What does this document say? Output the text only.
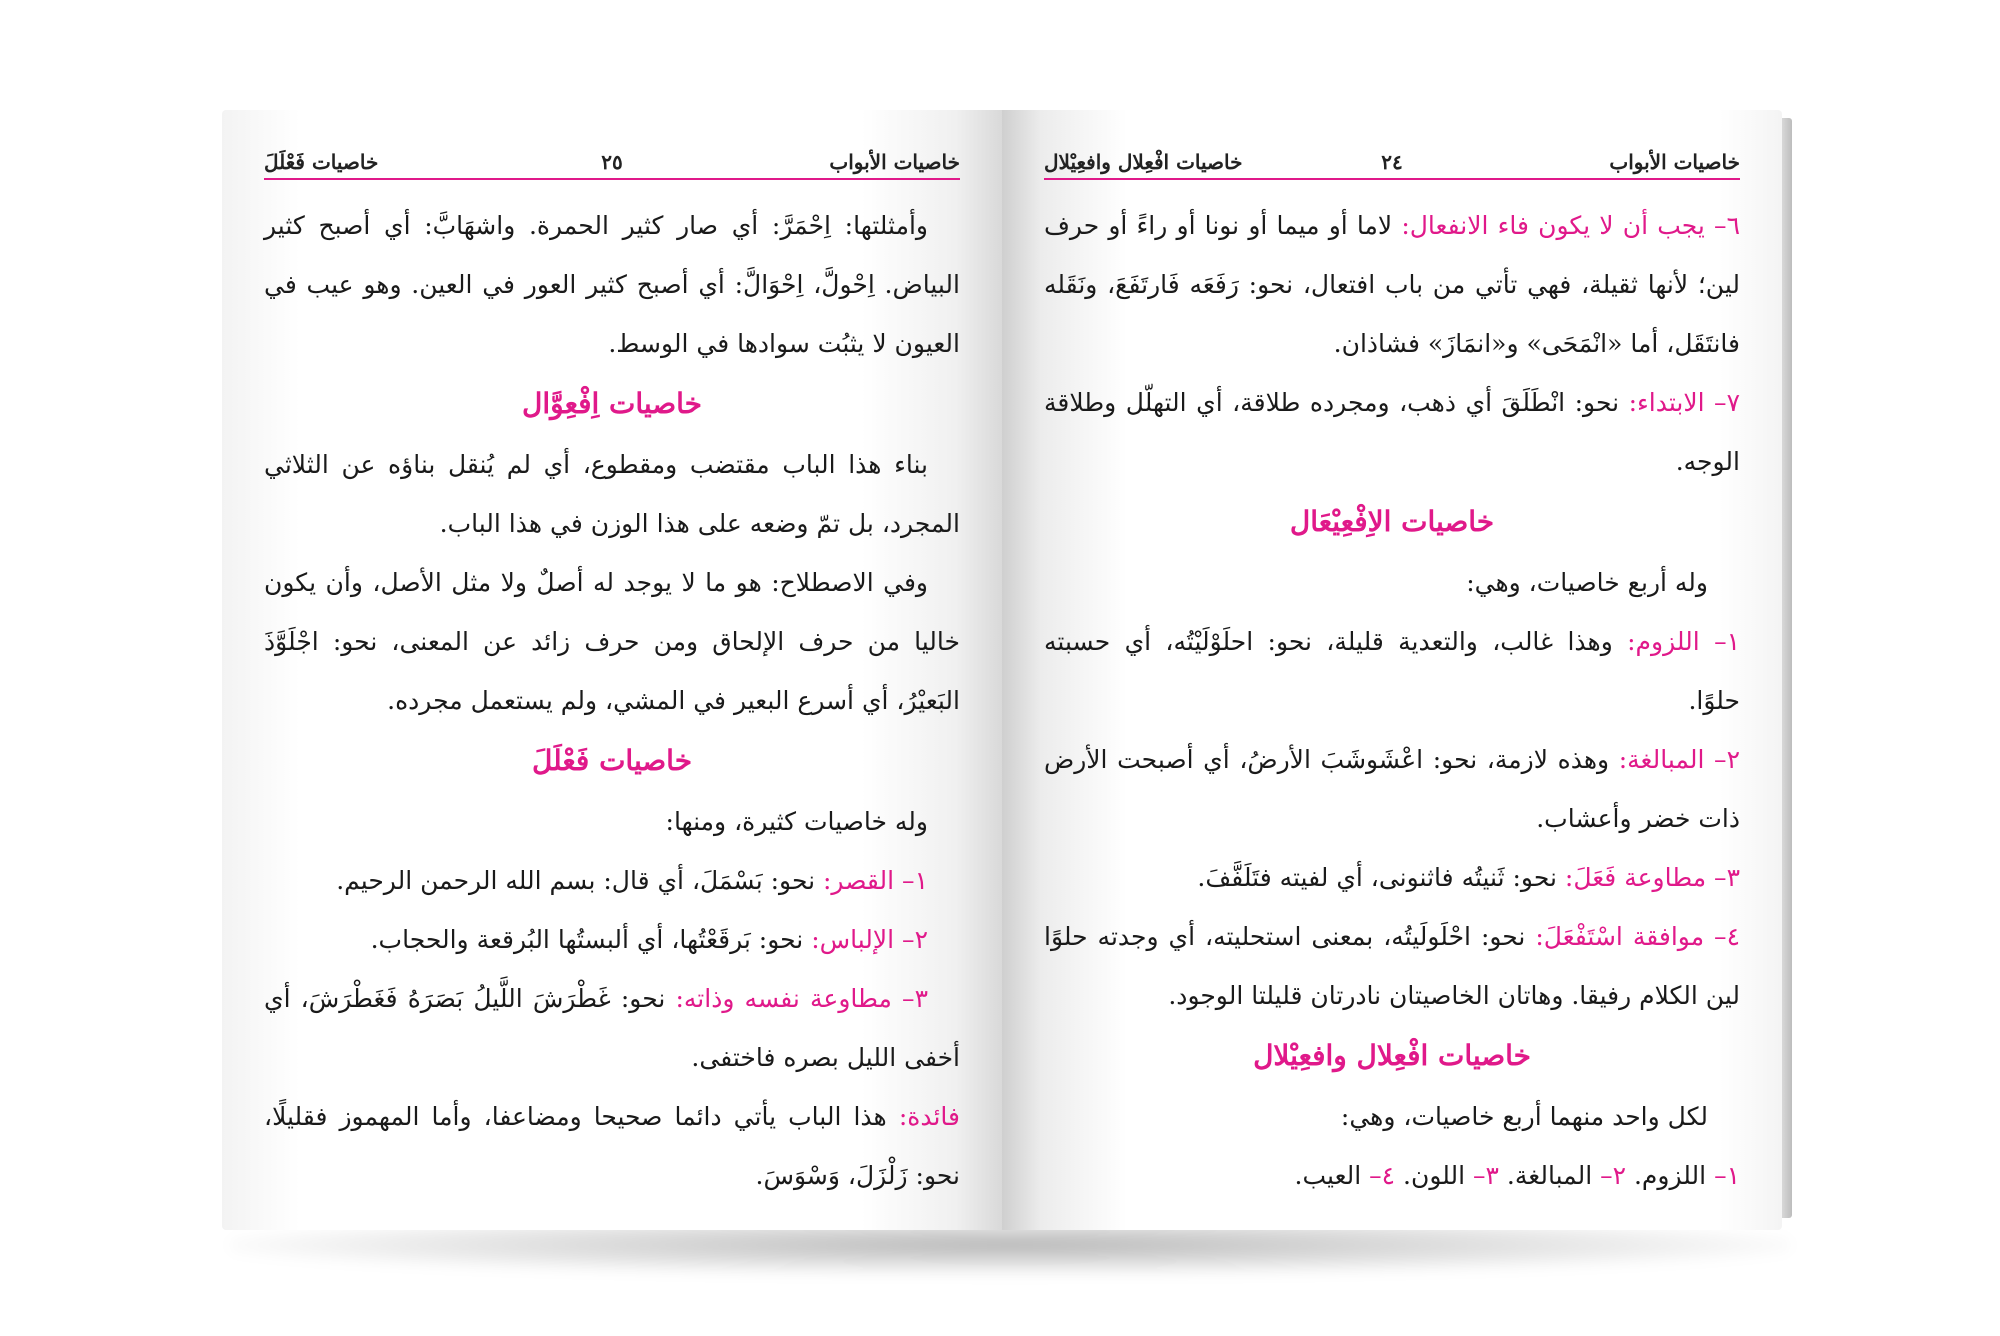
خاصيات الأبواب
٢٥
خاصيات فَعْلَلَ

وأمثلتها: اِحْمَرَّ: أي صار كثير الحمرة. واشهَابَّ: أي أصبح كثير البياض. اِحْولَّ، اِحْوَالَّ: أي أصبح كثير العور في العين. وهو عيب في العيون لا يثبُت سوادها في الوسط.

خاصيات اِفْعِوَّال

بناء هذا الباب مقتضب ومقطوع، أي لم يُنقل بناؤه عن الثلاثي المجرد، بل تمّ وضعه على هذا الوزن في هذا الباب.

وفي الاصطلاح: هو ما لا يوجد له أصلٌ ولا مثل الأصل، وأن يكون خاليا من حرف الإلحاق ومن حرف زائد عن المعنى، نحو: اجْلَوَّذَ البَعيْرُ، أي أسرع البعير في المشي، ولم يستعمل مجرده.

خاصيات فَعْلَلَ

وله خاصيات كثيرة، ومنها:

١– القصر: نحو: بَسْمَلَ، أي قال: بسم الله الرحمن الرحيم.

٢– الإلباس: نحو: بَرقَعْتُها، أي ألبستُها البُرقعة والحجاب.

٣– مطاوعة نفسه وذاته: نحو: غَطْرَشَ اللَّيلُ بَصَرَهُ فَغَطْرَشَ، أي أخفى الليل بصره فاختفى.

فائدة: هذا الباب يأتي دائما صحيحا ومضاعفا، وأما المهموز فقليلًا، نحو: زَلْزَلَ، وَسْوَسَ.

خاصيات الأبواب
٢٤
خاصيات افْعِلال وافعِيْلال

٦– يجب أن لا يكون فاء الانفعال: لاما أو ميما أو نونا أو راءً أو حرف لين؛ لأنها ثقيلة، فهي تأتي من باب افتعال، نحو: رَفَعَه فَارتَفَعَ، ونَقَله فانتَقَل، أما «انْمَحَى» و«انمَازَ» فشاذان.

٧– الابتداء: نحو: انْطَلَقَ أي ذهب، ومجرده طلاقة، أي التهلّل وطلاقة الوجه.

خاصيات الاِفْعِيْعَال

وله أربع خاصيات، وهي:

١– اللزوم: وهذا غالب، والتعدية قليلة، نحو: احلَوْلَيْتُه، أي حسبته حلوًا.

٢– المبالغة: وهذه لازمة، نحو: اعْشَوشَبَ الأرضُ، أي أصبحت الأرض ذات خضر وأعشاب.

٣– مطاوعة فَعَلَ: نحو: ثَنيتُه فاثنونى، أي لفيته فتَلَفَّفَ.

٤– موافقة اسْتَفْعَلَ: نحو: احْلَولَيتُه، بمعنى استحليته، أي وجدته حلوًا لين الكلام رفيقا. وهاتان الخاصيتان نادرتان قليلتا الوجود.

خاصيات افْعِلال وافعِيْلال

لكل واحد منهما أربع خاصيات، وهي:

١– اللزوم. ٢– المبالغة. ٣– اللون. ٤– العيب.
